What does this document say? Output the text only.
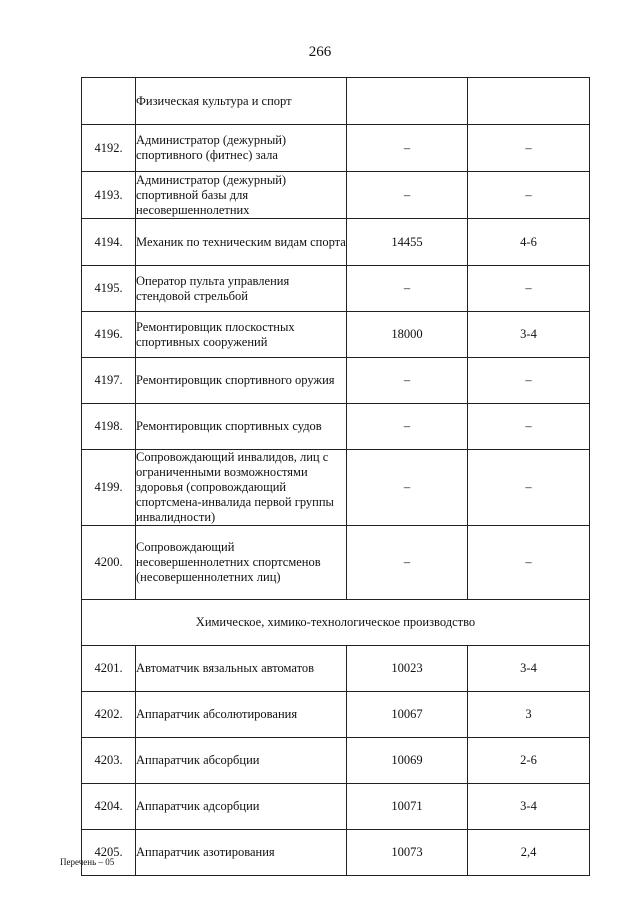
266
	Физическая культура и спорт		
4192.	Администратор (дежурный) спортивного (фитнес) зала	–	–
4193.	Администратор (дежурный) спортивной базы для несовершеннолетних	–	–
4194.	Механик по техническим видам спорта	14455	4-6
4195.	Оператор пульта управления стендовой стрельбой	–	–
4196.	Ремонтировщик плоскостных спортивных сооружений	18000	3-4
4197.	Ремонтировщик спортивного оружия	–	–
4198.	Ремонтировщик спортивных судов	–	–
4199.	Сопровождающий инвалидов, лиц с ограниченными возможностями здоровья (сопровождающий спортсмена-инвалида первой группы инвалидности)	–	–
4200.	Сопровождающий несовершеннолетних спортсменов (несовершеннолетних лиц)	–	–
Химическое, химико-технологическое производство			
4201.	Автоматчик вязальных автоматов	10023	3-4
4202.	Аппаратчик абсолютирования	10067	3
4203.	Аппаратчик абсорбции	10069	2-6
4204.	Аппаратчик адсорбции	10071	3-4
4205.	Аппаратчик азотирования	10073	2,4
Перечень – 05
